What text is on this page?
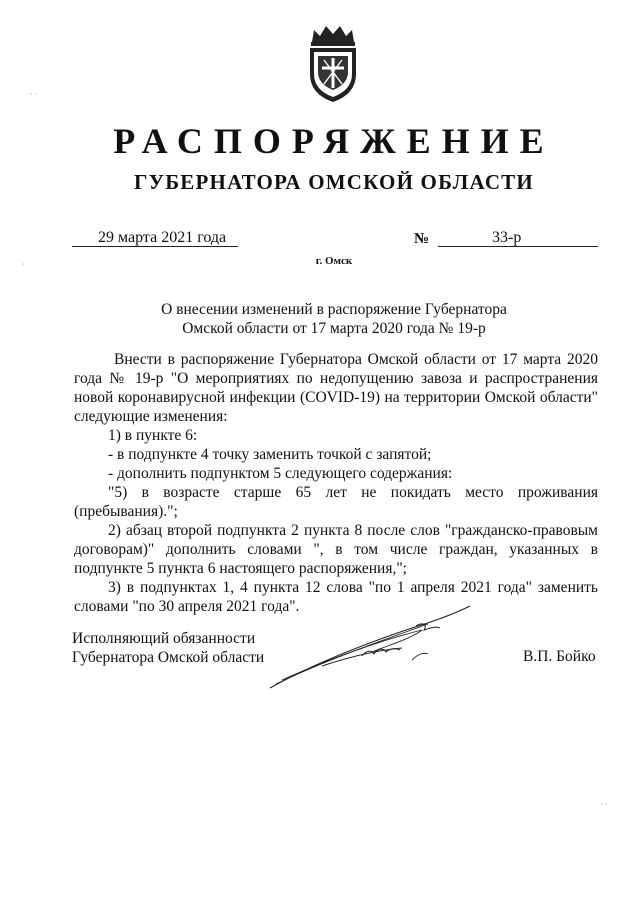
РАСПОРЯЖЕНИЕ
ГУБЕРНАТОРА ОМСКОЙ ОБЛАСТИ
29 марта 2021 года	№	33-р
г. Омск
О внесении изменений в распоряжение Губернатора
Омской области от 17 марта 2020 года № 19-р

Внести в распоряжение Губернатора Омской области от 17 марта 2020 года № 19-р "О мероприятиях по недопущению завоза и распространения новой коронавирусной инфекции (COVID-19) на территории Омской области" следующие изменения:

1) в пункте 6:

- в подпункте 4 точку заменить точкой с запятой;

- дополнить подпунктом 5 следующего содержания:

"5) в возрасте старше 65 лет не покидать место проживания (пребывания).";

2) абзац второй подпункта 2 пункта 8 после слов "гражданско-правовым договорам)" дополнить словами ", в том числе граждан, указанных в подпункте 5 пункта 6 настоящего распоряжения,";

3) в подпунктах 1, 4 пункта 12 слова "по 1 апреля 2021 года" заменить словами "по 30 апреля 2021 года".

Исполняющий обязанности
Губернатора Омской области	В.П. Бойко
· ·
·
· ·
